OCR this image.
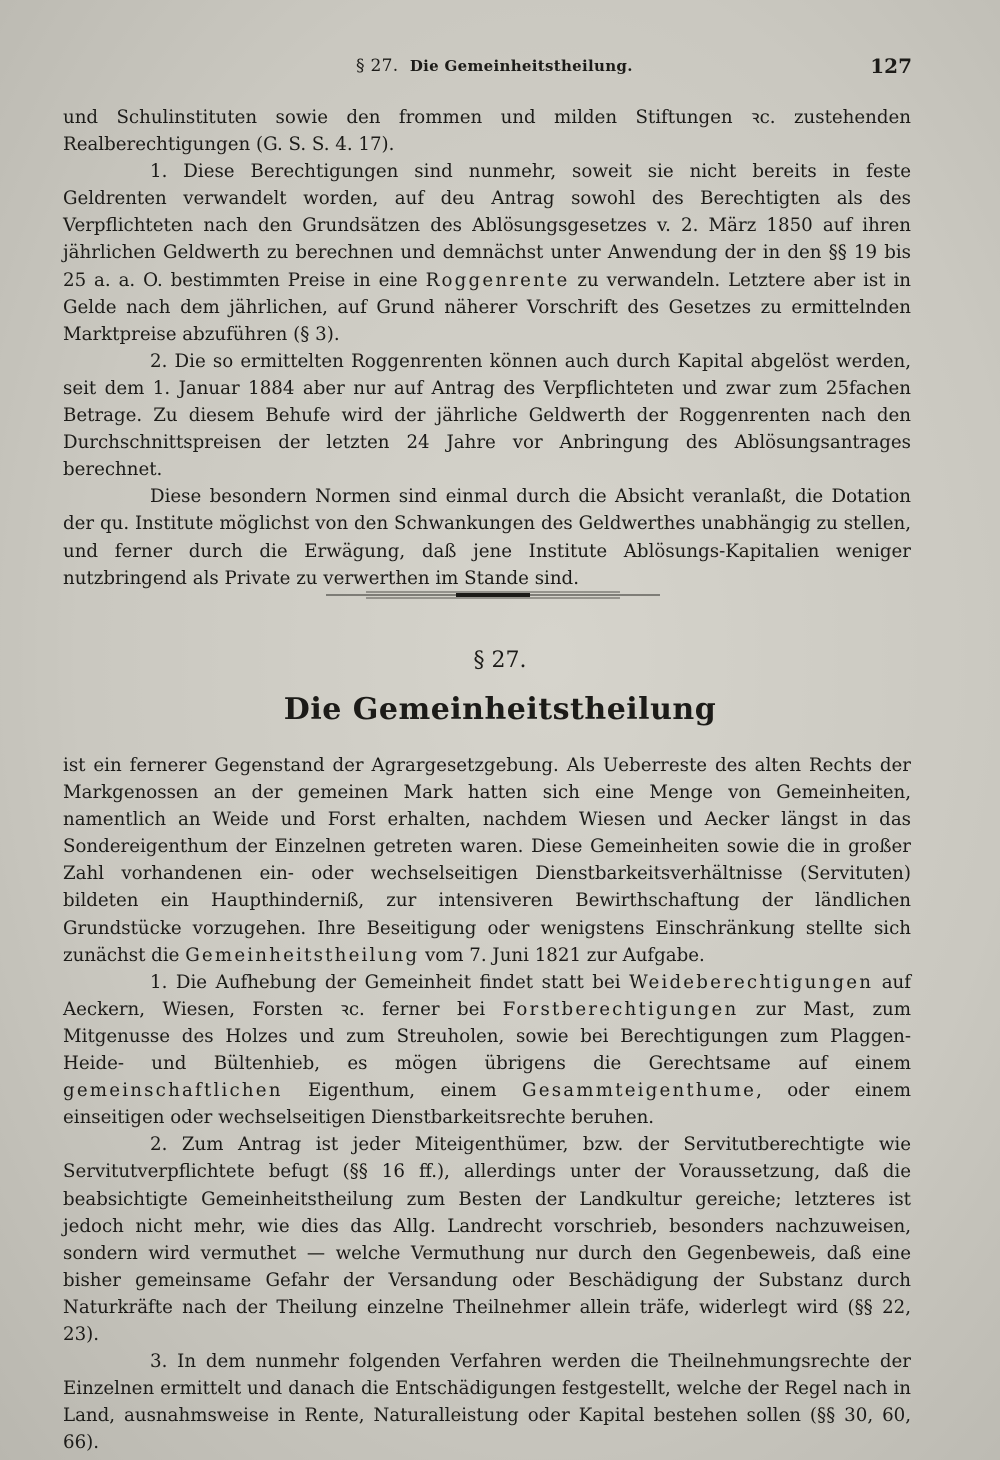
§ 27. Die Gemeinheitstheilung.	127

und Schulinstituten sowie den frommen und milden Stiftungen ꝛc. zustehenden Realberechtigungen (G. S. S. 4. 17).

1. Diese Berechtigungen sind nunmehr, soweit sie nicht bereits in feste Geldrenten verwandelt worden, auf deu Antrag sowohl des Berechtigten als des Verpflichteten nach den Grundsätzen des Ablösungsgesetzes v. 2. März 1850 auf ihren jährlichen Geldwerth zu berechnen und demnächst unter Anwendung der in den §§ 19 bis 25 a. a. O. bestimmten Preise in eine Roggenrente zu verwandeln. Letztere aber ist in Gelde nach dem jährlichen, auf Grund näherer Vorschrift des Gesetzes zu ermittelnden Marktpreise abzuführen (§ 3).

2. Die so ermittelten Roggenrenten können auch durch Kapital abgelöst werden, seit dem 1. Januar 1884 aber nur auf Antrag des Verpflichteten und zwar zum 25fachen Betrage. Zu diesem Behufe wird der jährliche Geldwerth der Roggenrenten nach den Durchschnittspreisen der letzten 24 Jahre vor Anbringung des Ablösungsantrages berechnet.

Diese besondern Normen sind einmal durch die Absicht veranlaßt, die Dotation der qu. Institute möglichst von den Schwankungen des Geldwerthes unabhängig zu stellen, und ferner durch die Erwägung, daß jene Institute Ablösungs-Kapitalien weniger nutzbringend als Private zu verwerthen im Stande sind.

§ 27.
Die Gemeinheitstheilung

ist ein fernerer Gegenstand der Agrargesetzgebung. Als Ueberreste des alten Rechts der Markgenossen an der gemeinen Mark hatten sich eine Menge von Gemeinheiten, namentlich an Weide und Forst erhalten, nachdem Wiesen und Aecker längst in das Sondereigenthum der Einzelnen getreten waren. Diese Gemeinheiten sowie die in großer Zahl vorhandenen ein- oder wechselseitigen Dienstbarkeitsverhältnisse (Servituten) bildeten ein Haupthinderniß, zur intensiveren Bewirthschaftung der ländlichen Grundstücke vorzugehen. Ihre Beseitigung oder wenigstens Einschränkung stellte sich zunächst die Gemeinheitstheilung vom 7. Juni 1821 zur Aufgabe.

1. Die Aufhebung der Gemeinheit findet statt bei Weideberechtigungen auf Aeckern, Wiesen, Forsten ꝛc. ferner bei Forstberechtigungen zur Mast, zum Mitgenusse des Holzes und zum Streuholen, sowie bei Berechtigungen zum Plaggen-Heide- und Bültenhieb, es mögen übrigens die Gerechtsame auf einem gemeinschaftlichen Eigenthum, einem Gesammteigenthume, oder einem einseitigen oder wechselseitigen Dienstbarkeitsrechte beruhen.

2. Zum Antrag ist jeder Miteigenthümer, bzw. der Servitutberechtigte wie Servitutverpflichtete befugt (§§ 16 ff.), allerdings unter der Voraussetzung, daß die beabsichtigte Gemeinheitstheilung zum Besten der Landkultur gereiche; letzteres ist jedoch nicht mehr, wie dies das Allg. Landrecht vorschrieb, besonders nachzuweisen, sondern wird vermuthet — welche Vermuthung nur durch den Gegenbeweis, daß eine bisher gemeinsame Gefahr der Versandung oder Beschädigung der Substanz durch Naturkräfte nach der Theilung einzelne Theilnehmer allein träfe, widerlegt wird (§§ 22, 23).

3. In dem nunmehr folgenden Verfahren werden die Theilnehmungsrechte der Einzelnen ermittelt und danach die Entschädigungen festgestellt, welche der Regel nach in Land, ausnahmsweise in Rente, Naturalleistung oder Kapital bestehen sollen (§§ 30, 60, 66).
